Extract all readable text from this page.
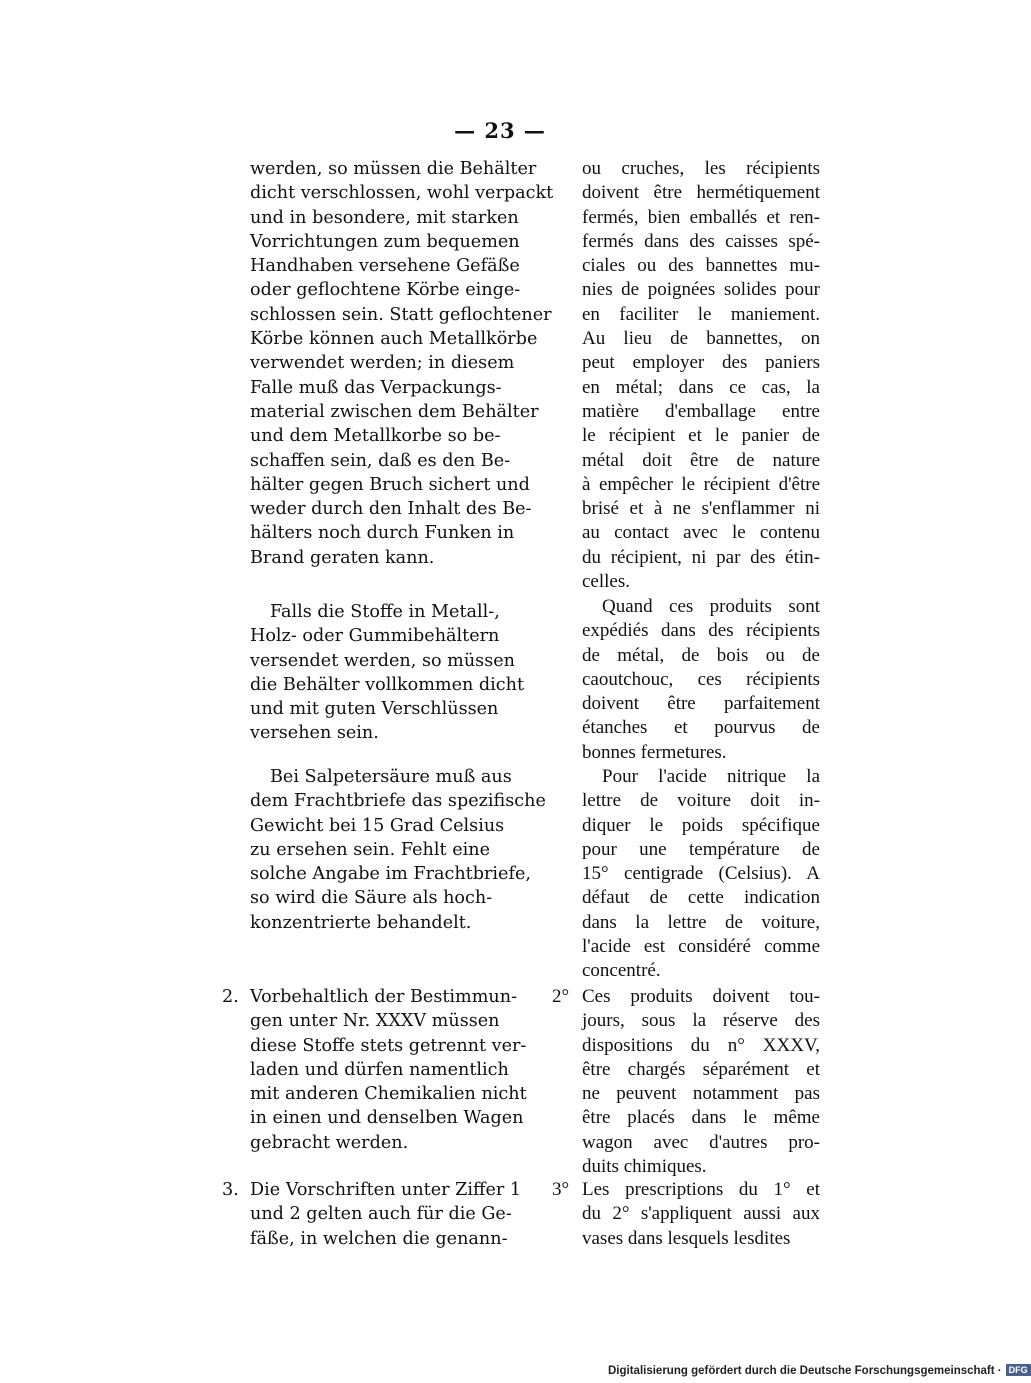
— 23 —
werden, so müssen die Behälter
dicht verschlossen, wohl verpackt
und in besondere, mit starken
Vorrichtungen zum bequemen
Handhaben versehene Gefäße
oder geflochtene Körbe einge-
schlossen sein. Statt geflochtener
Körbe können auch Metallkörbe
verwendet werden; in diesem
Falle muß das Verpackungs-
material zwischen dem Behälter
und dem Metallkorbe so be-
schaffen sein, daß es den Be-
hälter gegen Bruch sichert und
weder durch den Inhalt des Be-
hälters noch durch Funken in
Brand geraten kann.
Falls die Stoffe in Metall-,
Holz- oder Gummibehältern
versendet werden, so müssen
die Behälter vollkommen dicht
und mit guten Verschlüssen
versehen sein.
Bei Salpetersäure muß aus
dem Frachtbriefe das spezifische
Gewicht bei 15 Grad Celsius
zu ersehen sein. Fehlt eine
solche Angabe im Frachtbriefe,
so wird die Säure als hoch-
konzentrierte behandelt.
2. Vorbehaltlich der Bestimmun-
gen unter Nr. XXXV müssen
diese Stoffe stets getrennt ver-
laden und dürfen namentlich
mit anderen Chemikalien nicht
in einen und denselben Wagen
gebracht werden.
3. Die Vorschriften unter Ziffer 1
und 2 gelten auch für die Ge-
fäße, in welchen die genann-
ou cruches, les récipients
doivent être hermétiquement
fermés, bien emballés et ren-
fermés dans des caisses spé-
ciales ou des bannettes mu-
nies de poignées solides pour
en faciliter le maniement.
Au lieu de bannettes, on
peut employer des paniers
en métal; dans ce cas, la
matière d'emballage entre
le récipient et le panier de
métal doit être de nature
à empêcher le récipient d'être
brisé et à ne s'enflammer ni
au contact avec le contenu
du récipient, ni par des étin-
celles.
Quand ces produits sont
expédiés dans des récipients
de métal, de bois ou de
caoutchouc, ces récipients
doivent être parfaitement
étanches et pourvus de
bonnes fermetures.
Pour l'acide nitrique la
lettre de voiture doit in-
diquer le poids spécifique
pour une température de
15° centigrade (Celsius). A
défaut de cette indication
dans la lettre de voiture,
l'acide est considéré comme
concentré.
2° Ces produits doivent tou-
jours, sous la réserve des
dispositions du n° XXXV,
être chargés séparément et
ne peuvent notamment pas
être placés dans le même
wagon avec d'autres pro-
duits chimiques.
3° Les prescriptions du 1° et
du 2° s'appliquent aussi aux
vases dans lesquels lesdites
Digitalisierung gefördert durch die Deutsche Forschungsgemeinschaft · DFG
